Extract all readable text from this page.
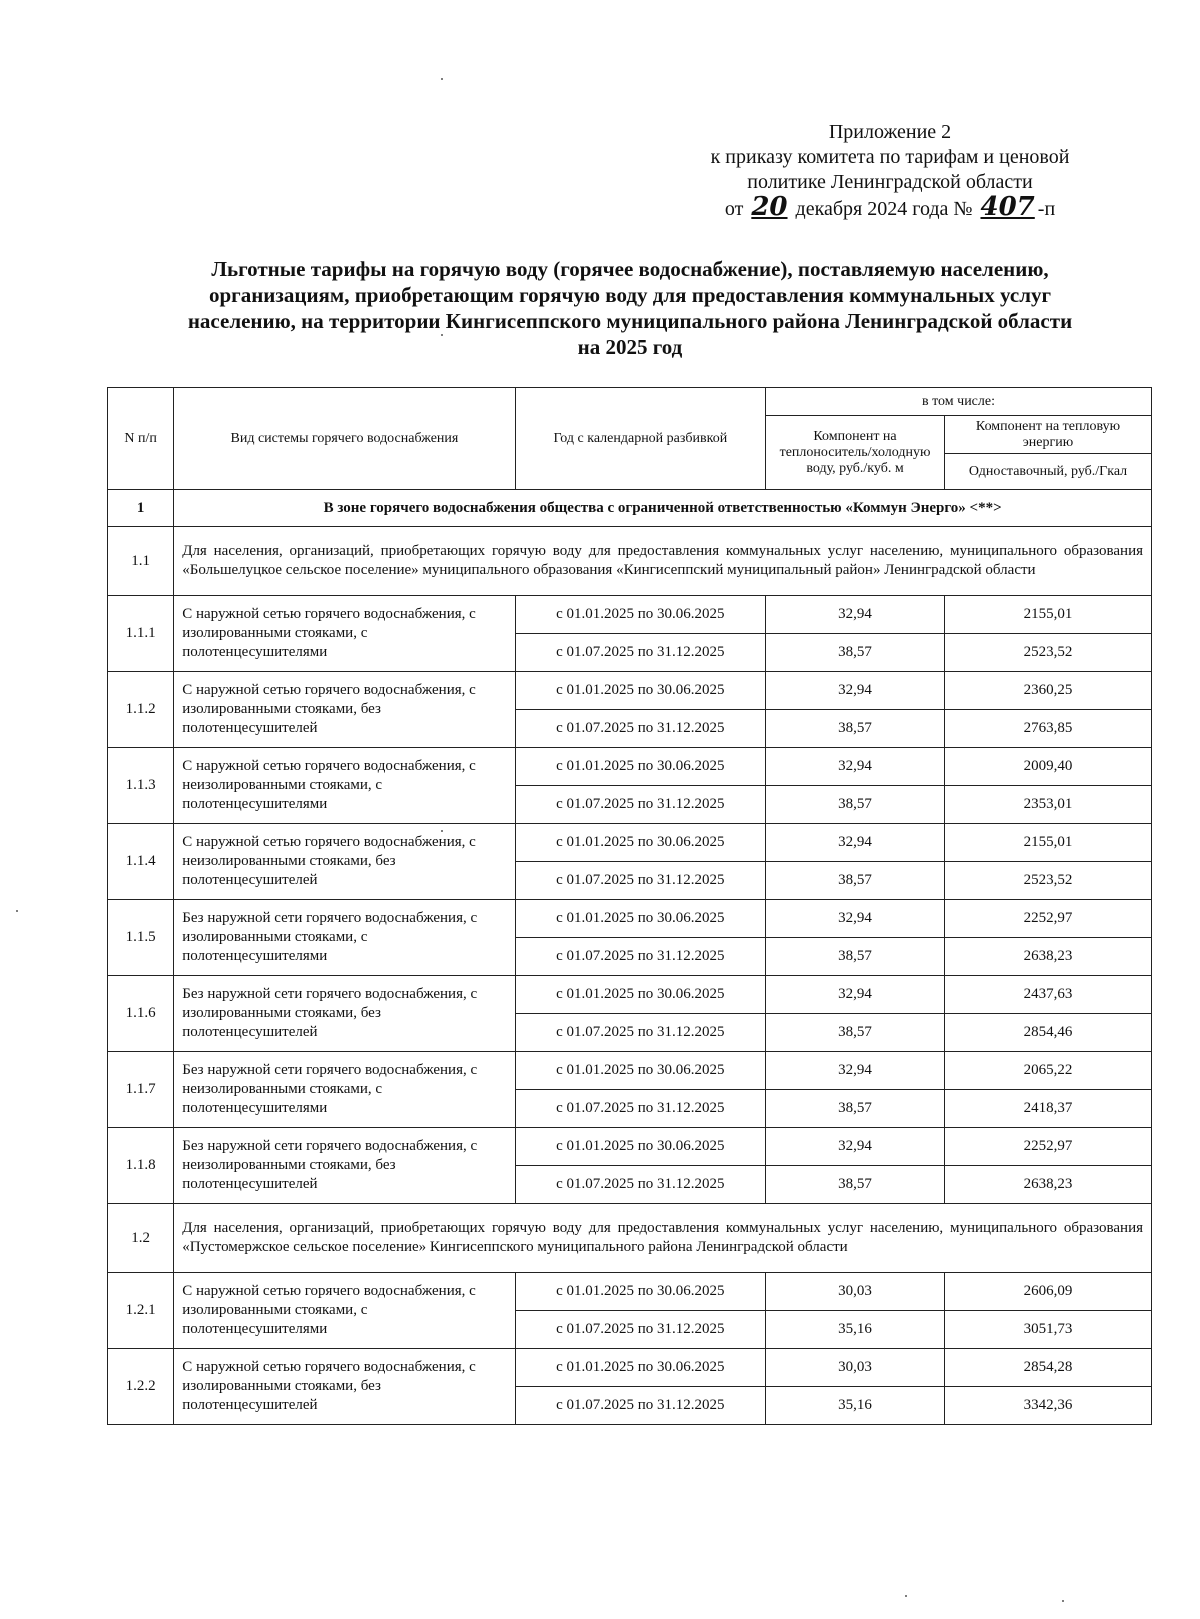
Приложение 2
к приказу комитета по тарифам и ценовой
политике Ленинградской области
от 20 декабря 2024 года № 407 -п
Льготные тарифы на горячую воду (горячее водоснабжение), поставляемую населению,
организациям, приобретающим горячую воду для предоставления коммунальных услуг
населению, на территории Кингисеппского муниципального района Ленинградской области
на 2025 год
N п/п	Вид системы горячего водоснабжения	Год с календарной разбивкой	в том числе:	
			Компонент на теплоноситель/холодную воду, руб./куб. м	Компонент на тепловую энергию
				Одноставочный, руб./Гкал
1	В зоне горячего водоснабжения общества с ограниченной ответственностью «Коммун Энерго» <**>			
1.1	Для населения, организаций, приобретающих горячую воду для предоставления коммунальных услуг населению, муниципального образования «Большелуцкое сельское поселение» муниципального образования «Кингисеппский муниципальный район» Ленинградской области			
1.1.1	С наружной сетью горячего водоснабжения, с изолированными стояками, с полотенцесушителями	с 01.01.2025 по 30.06.2025	32,94	2155,01
		с 01.07.2025 по 31.12.2025	38,57	2523,52
1.1.2	С наружной сетью горячего водоснабжения, с изолированными стояками, без полотенцесушителей	с 01.01.2025 по 30.06.2025	32,94	2360,25
		с 01.07.2025 по 31.12.2025	38,57	2763,85
1.1.3	С наружной сетью горячего водоснабжения, с неизолированными стояками, с полотенцесушителями	с 01.01.2025 по 30.06.2025	32,94	2009,40
		с 01.07.2025 по 31.12.2025	38,57	2353,01
1.1.4	С наружной сетью горячего водоснабжения, с неизолированными стояками, без полотенцесушителей	с 01.01.2025 по 30.06.2025	32,94	2155,01
		с 01.07.2025 по 31.12.2025	38,57	2523,52
1.1.5	Без наружной сети горячего водоснабжения, с изолированными стояками, с полотенцесушителями	с 01.01.2025 по 30.06.2025	32,94	2252,97
		с 01.07.2025 по 31.12.2025	38,57	2638,23
1.1.6	Без наружной сети горячего водоснабжения, с изолированными стояками, без полотенцесушителей	с 01.01.2025 по 30.06.2025	32,94	2437,63
		с 01.07.2025 по 31.12.2025	38,57	2854,46
1.1.7	Без наружной сети горячего водоснабжения, с неизолированными стояками, с полотенцесушителями	с 01.01.2025 по 30.06.2025	32,94	2065,22
		с 01.07.2025 по 31.12.2025	38,57	2418,37
1.1.8	Без наружной сети горячего водоснабжения, с неизолированными стояками, без полотенцесушителей	с 01.01.2025 по 30.06.2025	32,94	2252,97
		с 01.07.2025 по 31.12.2025	38,57	2638,23
1.2	Для населения, организаций, приобретающих горячую воду для предоставления коммунальных услуг населению, муниципального образования «Пустомержское сельское поселение» Кингисеппского муниципального района Ленинградской области			
1.2.1	С наружной сетью горячего водоснабжения, с изолированными стояками, с полотенцесушителями	с 01.01.2025 по 30.06.2025	30,03	2606,09
		с 01.07.2025 по 31.12.2025	35,16	3051,73
1.2.2	С наружной сетью горячего водоснабжения, с изолированными стояками, без полотенцесушителей	с 01.01.2025 по 30.06.2025	30,03	2854,28
		с 01.07.2025 по 31.12.2025	35,16	3342,36
